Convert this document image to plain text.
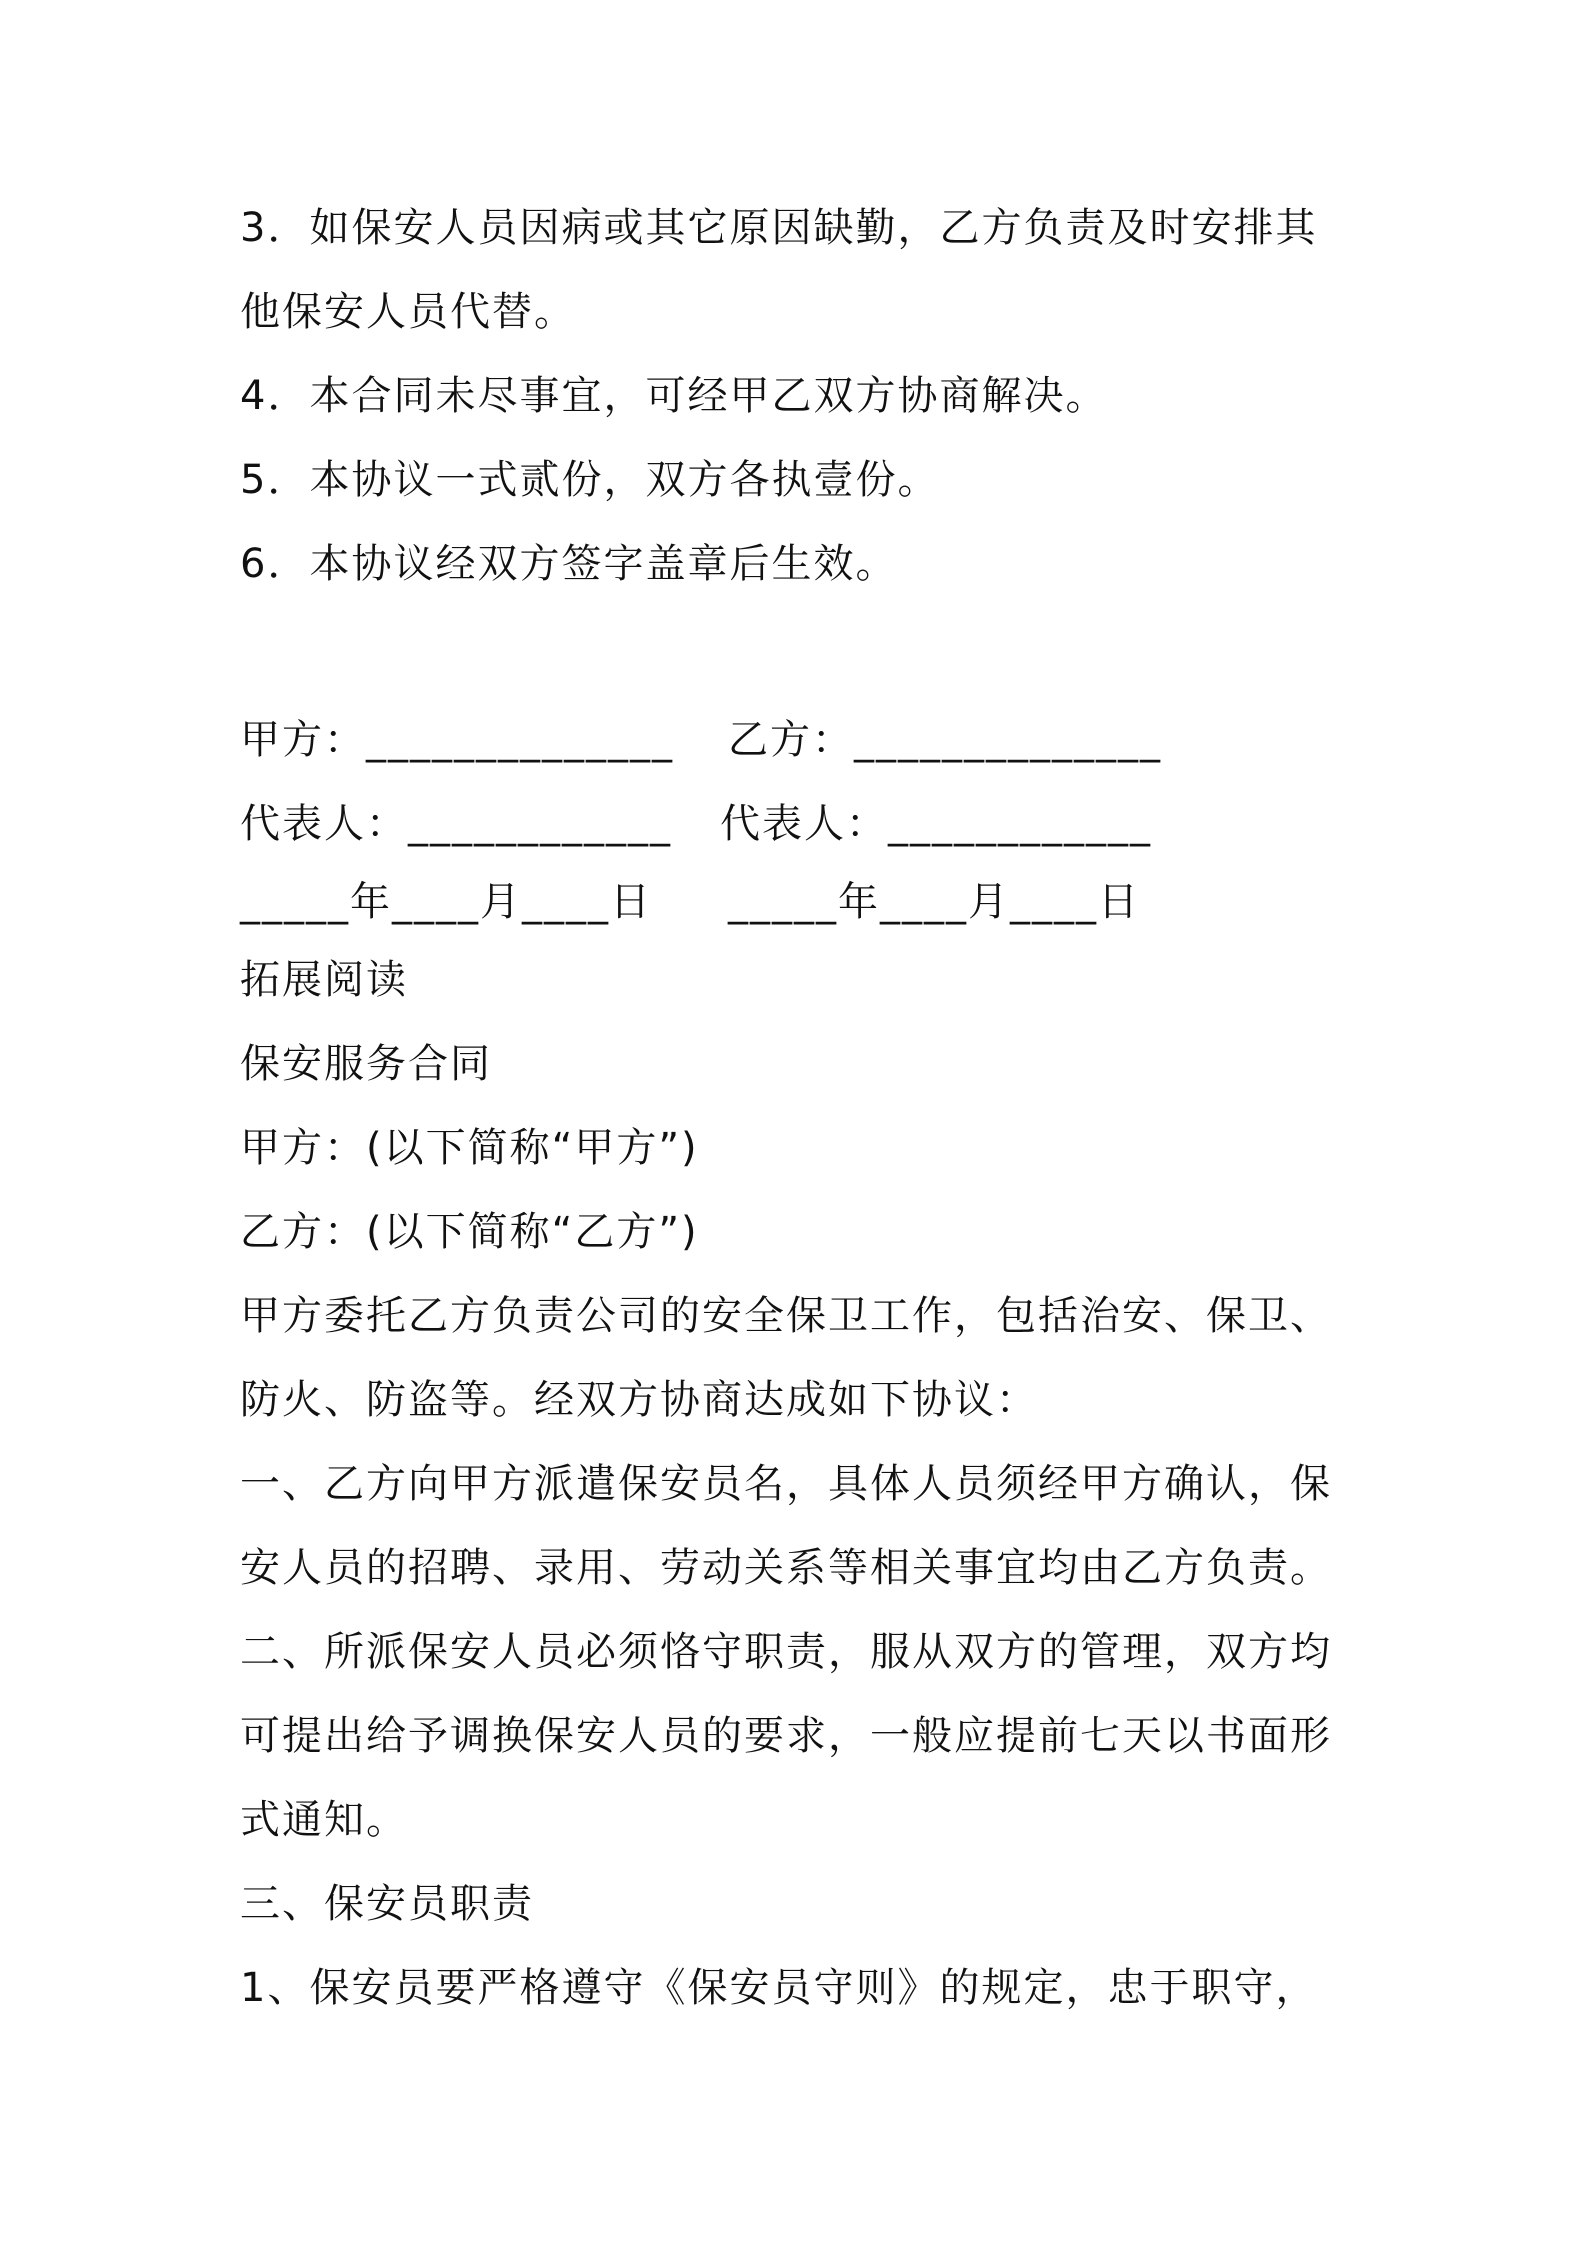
3．如保安人员因病或其它原因缺勤，乙方负责及时安排其
他保安人员代替。
4．本合同未尽事宜，可经甲乙双方协商解决。
5．本协议一式贰份，双方各执壹份。
6．本协议经双方签字盖章后生效。
甲方：______________ 乙方：______________
代表人：____________ 代表人：____________
_____年____月____日 _____年____月____日
拓展阅读
保安服务合同
甲方：(以下简称“甲方”)
乙方：(以下简称“乙方”)
甲方委托乙方负责公司的安全保卫工作，包括治安、保卫、
防火、防盗等。经双方协商达成如下协议：
一、乙方向甲方派遣保安员名，具体人员须经甲方确认，保
安人员的招聘、录用、劳动关系等相关事宜均由乙方负责。
二、所派保安人员必须恪守职责，服从双方的管理，双方均
可提出给予调换保安人员的要求，一般应提前七天以书面形
式通知。
三、保安员职责
1、保安员要严格遵守《保安员守则》的规定，忠于职守，
